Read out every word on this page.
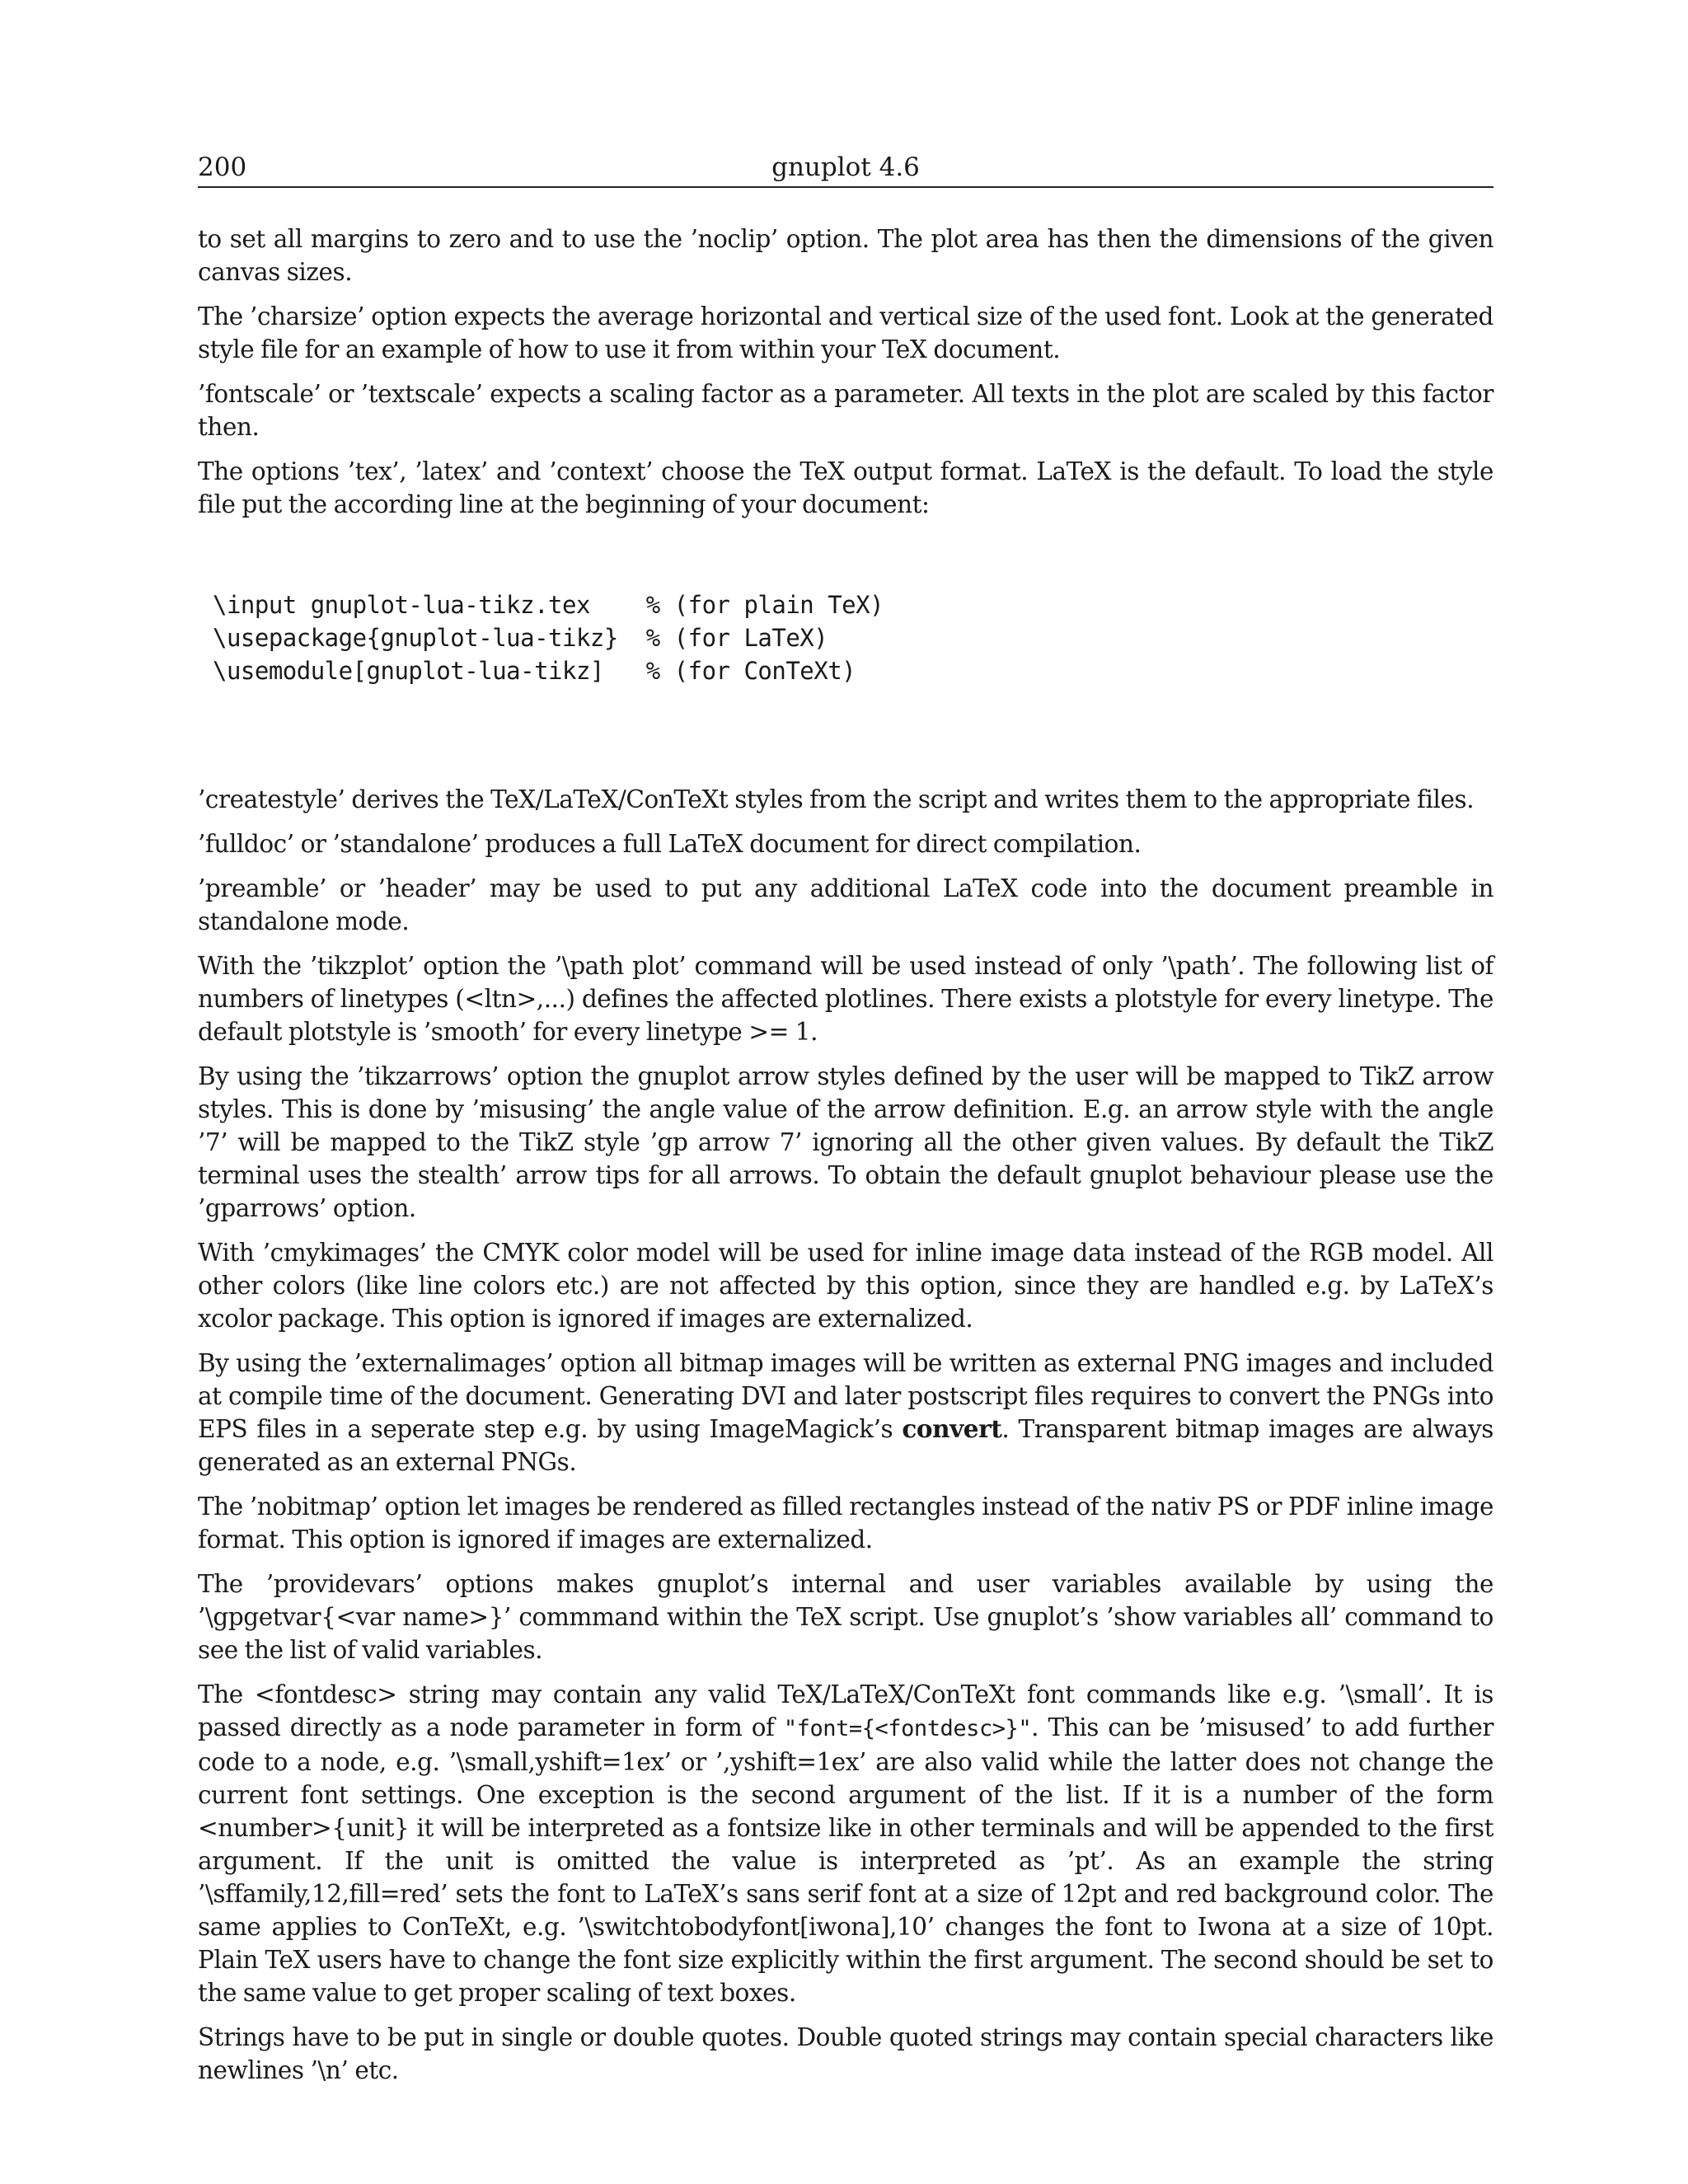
200	gnuplot 4.6

to set all margins to zero and to use the ’noclip’ option. The plot area has then the dimensions of the given canvas sizes.

The ’charsize’ option expects the average horizontal and vertical size of the used font. Look at the generated style file for an example of how to use it from within your TeX document.

’fontscale’ or ’textscale’ expects a scaling factor as a parameter. All texts in the plot are scaled by this factor then.

The options ’tex’, ’latex’ and ’context’ choose the TeX output format. LaTeX is the default. To load the style file put the according line at the beginning of your document:

\input gnuplot-lua-tikz.tex    % (for plain TeX)
\usepackage{gnuplot-lua-tikz}  % (for LaTeX)
\usemodule[gnuplot-lua-tikz]   % (for ConTeXt)

’createstyle’ derives the TeX/LaTeX/ConTeXt styles from the script and writes them to the appropriate files.

’fulldoc’ or ’standalone’ produces a full LaTeX document for direct compilation.

’preamble’ or ’header’ may be used to put any additional LaTeX code into the document preamble in standalone mode.

With the ’tikzplot’ option the ’\path plot’ command will be used instead of only ’\path’. The following list of numbers of linetypes (<ltn>,...) defines the affected plotlines. There exists a plotstyle for every linetype. The default plotstyle is ’smooth’ for every linetype >= 1.

By using the ’tikzarrows’ option the gnuplot arrow styles defined by the user will be mapped to TikZ arrow styles. This is done by ’misusing’ the angle value of the arrow definition. E.g. an arrow style with the angle ’7’ will be mapped to the TikZ style ’gp arrow 7’ ignoring all the other given values. By default the TikZ terminal uses the stealth’ arrow tips for all arrows. To obtain the default gnuplot behaviour please use the ’gparrows’ option.

With ’cmykimages’ the CMYK color model will be used for inline image data instead of the RGB model. All other colors (like line colors etc.) are not affected by this option, since they are handled e.g. by LaTeX’s xcolor package. This option is ignored if images are externalized.

By using the ’externalimages’ option all bitmap images will be written as external PNG images and included at compile time of the document. Generating DVI and later postscript files requires to convert the PNGs into EPS files in a seperate step e.g. by using ImageMagick’s convert. Transparent bitmap images are always generated as an external PNGs.

The ’nobitmap’ option let images be rendered as filled rectangles instead of the nativ PS or PDF inline image format. This option is ignored if images are externalized.

The ’providevars’ options makes gnuplot’s internal and user variables available by using the ’\gpgetvar{<var name>}’ commmand within the TeX script. Use gnuplot’s ’show variables all’ command to see the list of valid variables.

The <fontdesc> string may contain any valid TeX/LaTeX/ConTeXt font commands like e.g. ’\small’. It is passed directly as a node parameter in form of "font={<fontdesc>}". This can be ’misused’ to add further code to a node, e.g. ’\small,yshift=1ex’ or ’,yshift=1ex’ are also valid while the latter does not change the current font settings. One exception is the second argument of the list. If it is a number of the form <number>{unit} it will be interpreted as a fontsize like in other terminals and will be appended to the first argument. If the unit is omitted the value is interpreted as ’pt’. As an example the string ’\sffamily,12,fill=red’ sets the font to LaTeX’s sans serif font at a size of 12pt and red background color. The same applies to ConTeXt, e.g. ’\switchtobodyfont[iwona],10’ changes the font to Iwona at a size of 10pt. Plain TeX users have to change the font size explicitly within the first argument. The second should be set to the same value to get proper scaling of text boxes.

Strings have to be put in single or double quotes. Double quoted strings may contain special characters like newlines ’\n’ etc.
